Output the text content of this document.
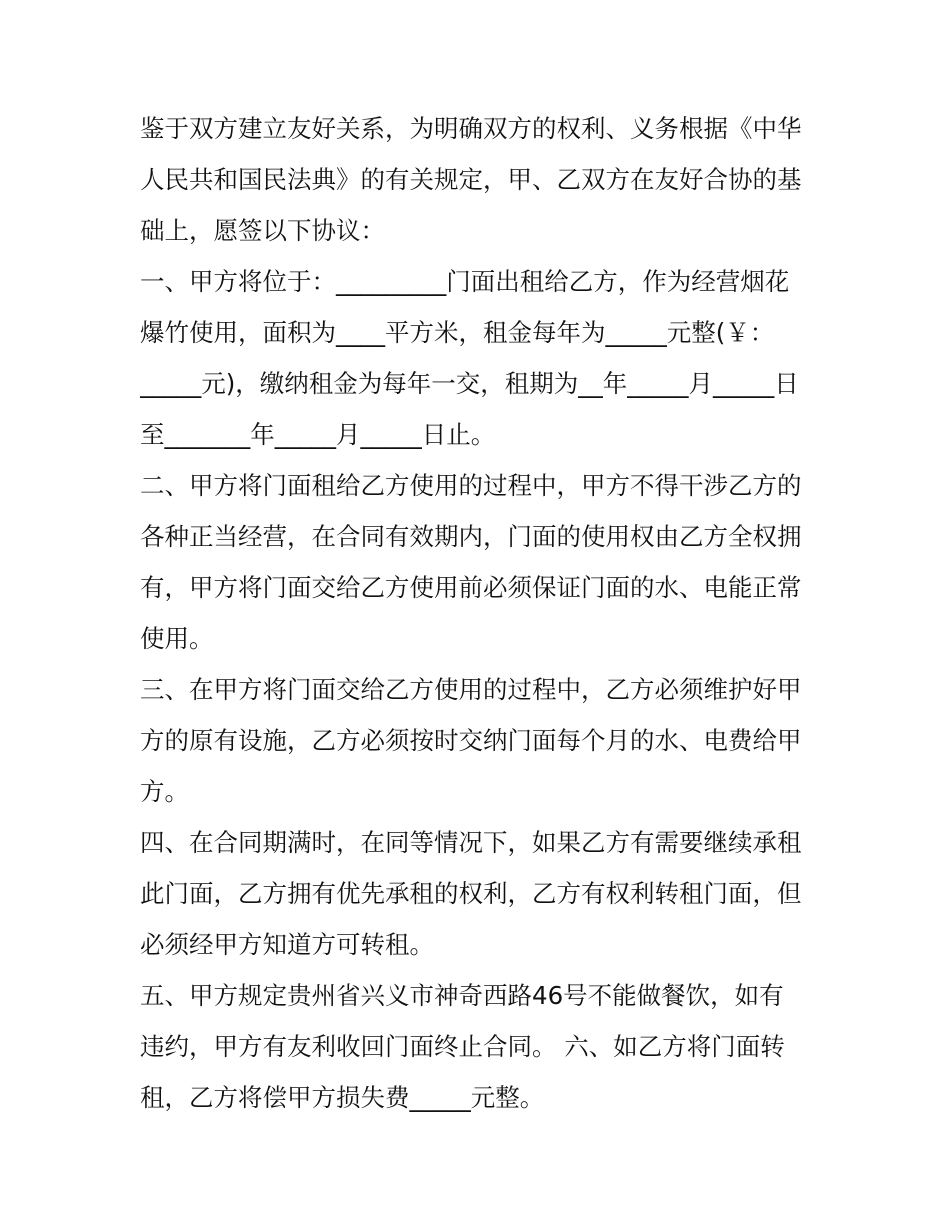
鉴于双方建立友好关系，为明确双方的权利、义务根据《中华
人民共和国民法典》的有关规定，甲、乙双方在友好合协的基
础上，愿签以下协议：
一、甲方将位于：_________门面出租给乙方，作为经营烟花
爆竹使用，面积为____平方米，租金每年为_____元整(￥：
_____元)，缴纳租金为每年一交，租期为__年_____月_____日
至_______年_____月_____日止。
二、甲方将门面租给乙方使用的过程中，甲方不得干涉乙方的
各种正当经营，在合同有效期内，门面的使用权由乙方全权拥
有，甲方将门面交给乙方使用前必须保证门面的水、电能正常
使用。
三、在甲方将门面交给乙方使用的过程中，乙方必须维护好甲
方的原有设施，乙方必须按时交纳门面每个月的水、电费给甲
方。
四、在合同期满时，在同等情况下，如果乙方有需要继续承租
此门面，乙方拥有优先承租的权利，乙方有权利转租门面，但
必须经甲方知道方可转租。
五、甲方规定贵州省兴义市神奇西路46号不能做餐饮，如有
违约，甲方有友利收回门面终止合同。 六、如乙方将门面转
租，乙方将偿甲方损失费_____元整。
